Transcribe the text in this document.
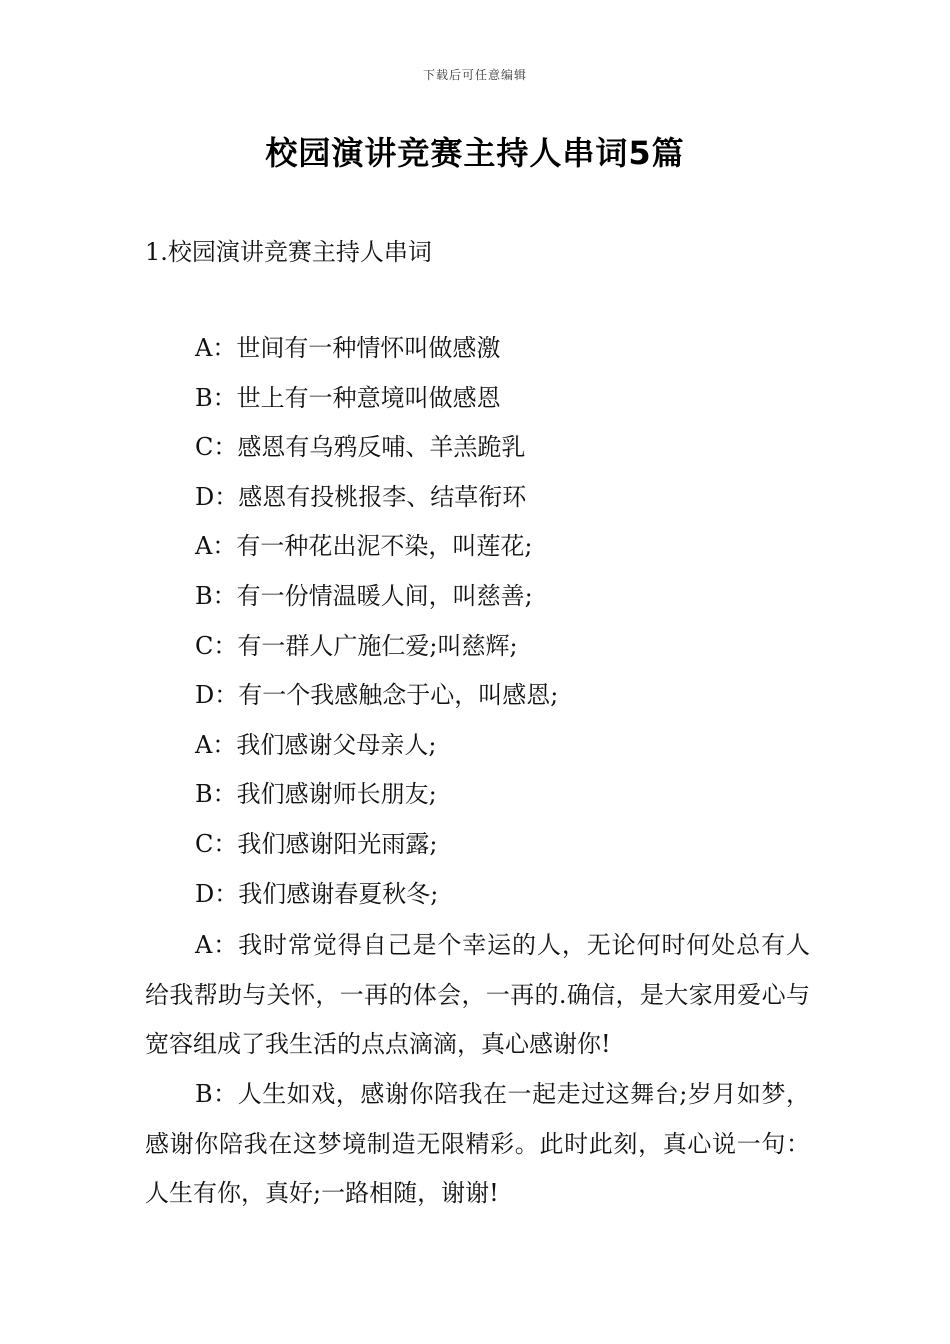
下载后可任意编辑
校园演讲竞赛主持人串词5篇
1.校园演讲竞赛主持人串词
A：世间有一种情怀叫做感激
B：世上有一种意境叫做感恩
C：感恩有乌鸦反哺、羊羔跪乳
D：感恩有投桃报李、结草衔环
A：有一种花出泥不染，叫莲花;
B：有一份情温暖人间，叫慈善;
C：有一群人广施仁爱;叫慈辉;
D：有一个我感触念于心，叫感恩;
A：我们感谢父母亲人;
B：我们感谢师长朋友;
C：我们感谢阳光雨露;
D：我们感谢春夏秋冬;

A：我时常觉得自己是个幸运的人，无论何时何处总有人给我帮助与关怀，一再的体会，一再的.确信，是大家用爱心与宽容组成了我生活的点点滴滴，真心感谢你!

B：人生如戏，感谢你陪我在一起走过这舞台;岁月如梦，感谢你陪我在这梦境制造无限精彩。此时此刻，真心说一句：人生有你，真好;一路相随，谢谢!
